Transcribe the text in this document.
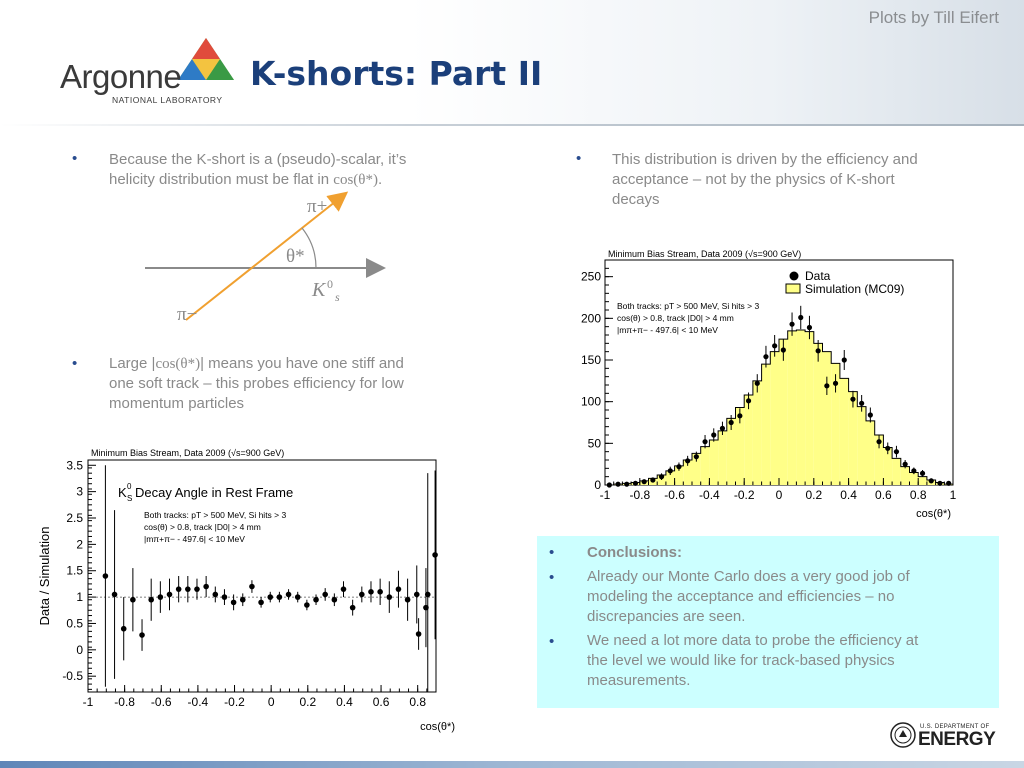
Plots by Till Eifert
Argonne
NATIONAL LABORATORY
K-shorts: Part II
• Because the K-short is a (pseudo)-scalar, it’s
helicity distribution must be flat in cos(θ*).
π+
θ*
K 0
s
π−
• Large |cos(θ*)| means you have one stiff and
one soft track – this probes efficiency for low
momentum particles
• This distribution is driven by the efficiency and
acceptance – not by the physics of K-short
decays
Minimum Bias Stream, Data 2009 (√s=900 GeV)
-1 -0.8 -0.6 -0.4 -0.2 0 0.2 0.4 0.6 0.8 1
0
50
100
150
200
250	Data
Simulation (MC09)
Both tracks: pT > 500 MeV, Si hits > 3
cos(θ) > 0.8, track |D0| > 4 mm
|mπ+π− - 497.6| < 10 MeV
cos(θ*)
Minimum Bias Stream, Data 2009 (√s=900 GeV)
-1 -0.8 -0.6 -0.4 -0.2 0 0.2 0.4 0.6 0.8
-0.5
0
0.5
1
1.5
2
2.5
3
3.5
K 0
S Decay Angle in Rest Frame
Both tracks: pT > 500 MeV, Si hits > 3
cos(θ) > 0.8, track |D0| > 4 mm
|mπ+π− - 497.6| < 10 MeV
Data / Simulation
cos(θ*)
• Conclusions:
• Already our Monte Carlo does a very good job of
modeling the acceptance and efficiencies – no
discrepancies are seen.
• We need a lot more data to probe the efficiency at
the level we would like for track-based physics
measurements.
U.S. DEPARTMENT OF
ENERGY
